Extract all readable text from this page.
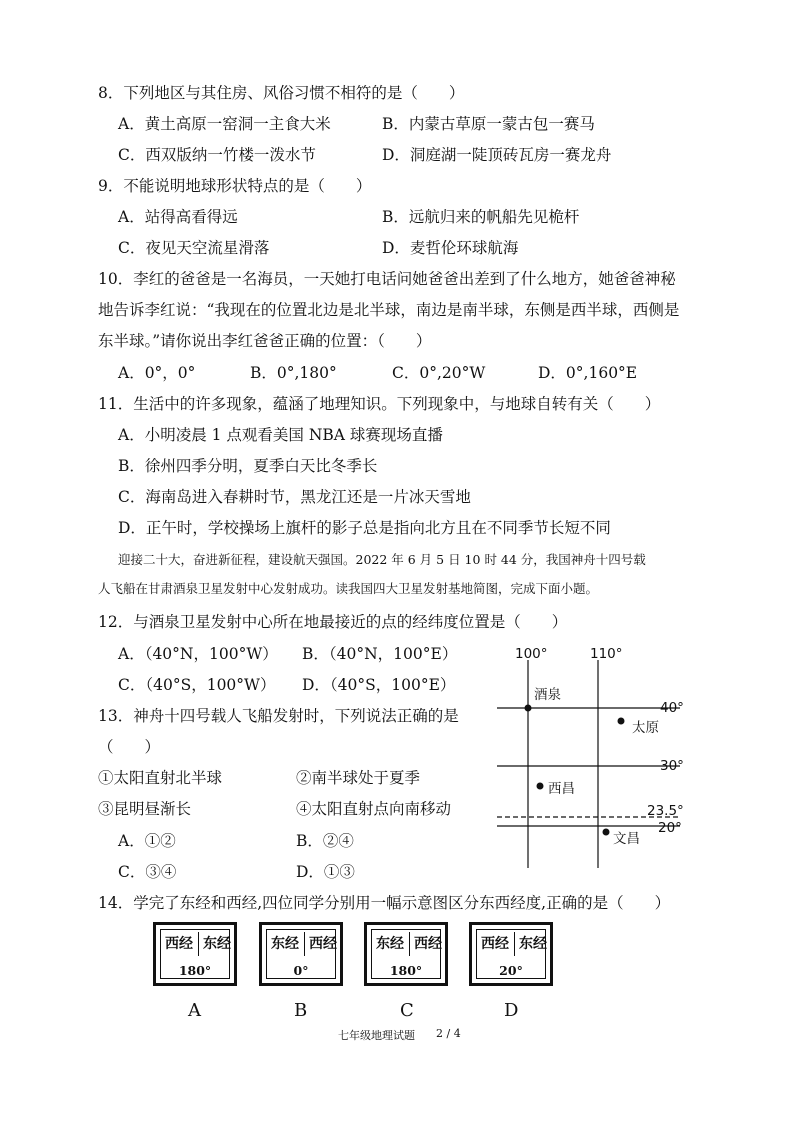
8．下列地区与其住房、风俗习惯不相符的是（　　）
A．黄土高原一窑洞一主食大米	B．内蒙古草原一蒙古包一赛马
C．西双版纳一竹楼一泼水节	D．洞庭湖一陡顶砖瓦房一赛龙舟
9．不能说明地球形状特点的是（　　）
A．站得高看得远	B．远航归来的帆船先见桅杆
C．夜见天空流星滑落	D．麦哲伦环球航海
10．李红的爸爸是一名海员，一天她打电话问她爸爸出差到了什么地方，她爸爸神秘
地告诉李红说：“我现在的位置北边是北半球，南边是南半球，东侧是西半球，西侧是
东半球。”请你说出李红爸爸正确的位置：（　　）
A．0°，0°	B．0°,180°	C．0°,20°W	D．0°,160°E
11．生活中的许多现象，蕴涵了地理知识。下列现象中，与地球自转有关（　　）
A．小明凌晨 1 点观看美国 NBA 球赛现场直播
B．徐州四季分明，夏季白天比冬季长
C．海南岛进入春耕时节，黑龙江还是一片冰天雪地
D．正午时，学校操场上旗杆的影子总是指向北方且在不同季节长短不同
迎接二十大，奋进新征程，建设航天强国。2022 年 6 月 5 日 10 时 44 分，我国神舟十四号载
人飞船在甘肃酒泉卫星发射中心发射成功。读我国四大卫星发射基地简图，完成下面小题。
12．与酒泉卫星发射中心所在地最接近的点的经纬度位置是（　　）
A．（40°N，100°W） B．（40°N，100°E）
C．（40°S，100°W） D．（40°S，100°E）
13．神舟十四号载人飞船发射时，下列说法正确的是
（　　）
①太阳直射北半球	②南半球处于夏季
③昆明昼渐长	④太阳直射点向南移动
A．①②	B．②④
C．③④	D．①③
100°	110°
40°
30°
23.5°
20°
酒泉
太原
西昌
文昌
14．学完了东经和西经,四位同学分别用一幅示意图区分东西经度,正确的是（　　）
西经 东经
180°
A
东经 西经
0°
B
东经 西经
180°
C
西经 东经
20°
D
七年级地理试题 2 / 4
